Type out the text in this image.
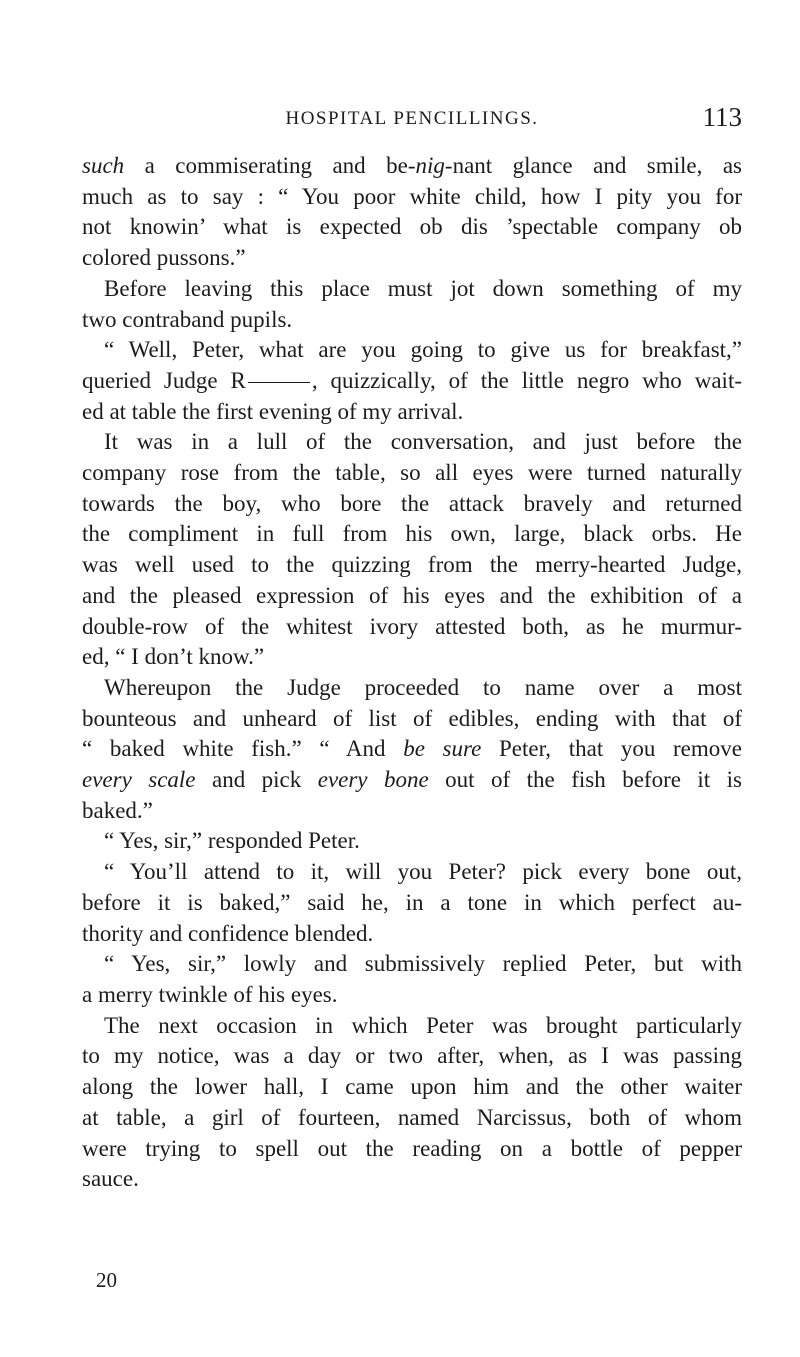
HOSPITAL PENCILLINGS.	113
such a commiserating and be-nig-nant glance and smile, as
much as to say : “ You poor white child, how I pity you for
not knowin’ what is expected ob dis ’spectable company ob
colored pussons.”
Before leaving this place must jot down something of my
two contraband pupils.
“ Well, Peter, what are you going to give us for breakfast,”
queried Judge R	, quizzically, of the little negro who wait-
ed at table the first evening of my arrival.
It was in a lull of the conversation, and just before the
company rose from the table, so all eyes were turned naturally
towards the boy, who bore the attack bravely and returned
the compliment in full from his own, large, black orbs. He
was well used to the quizzing from the merry-hearted Judge,
and the pleased expression of his eyes and the exhibition of a
double-row of the whitest ivory attested both, as he murmur-
ed, “ I don’t know.”
Whereupon the Judge proceeded to name over a most
bounteous and unheard of list of edibles, ending with that of
“ baked white fish.” “ And be sure Peter, that you remove
every scale and pick every bone out of the fish before it is
baked.”
“ Yes, sir,” responded Peter.
“ You’ll attend to it, will you Peter? pick every bone out,
before it is baked,” said he, in a tone in which perfect au-
thority and confidence blended.
“ Yes, sir,” lowly and submissively replied Peter, but with
a merry twinkle of his eyes.
The next occasion in which Peter was brought particularly
to my notice, was a day or two after, when, as I was passing
along the lower hall, I came upon him and the other waiter
at table, a girl of fourteen, named Narcissus, both of whom
were trying to spell out the reading on a bottle of pepper
sauce.
20
